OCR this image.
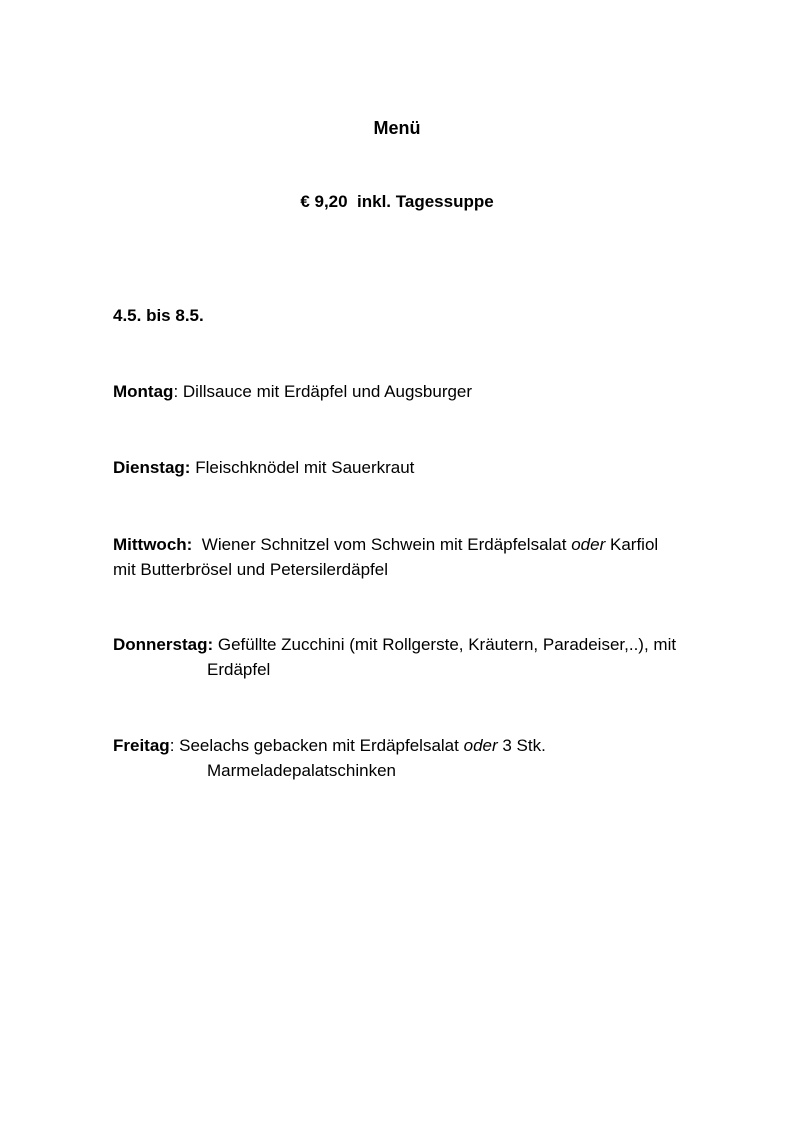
Menü
€ 9,20  inkl. Tagessuppe
4.5. bis 8.5.
Montag: Dillsauce mit Erdäpfel und Augsburger
Dienstag: Fleischknödel mit Sauerkraut
Mittwoch: Wiener Schnitzel vom Schwein mit Erdäpfelsalat oder Karfiol
mit Butterbrösel und Petersilerdäpfel
Donnerstag: Gefüllte Zucchini (mit Rollgerste, Kräutern, Paradeiser,..), mit
Erdäpfel
Freitag: Seelachs gebacken mit Erdäpfelsalat oder 3 Stk.
Marmeladepalatschinken
